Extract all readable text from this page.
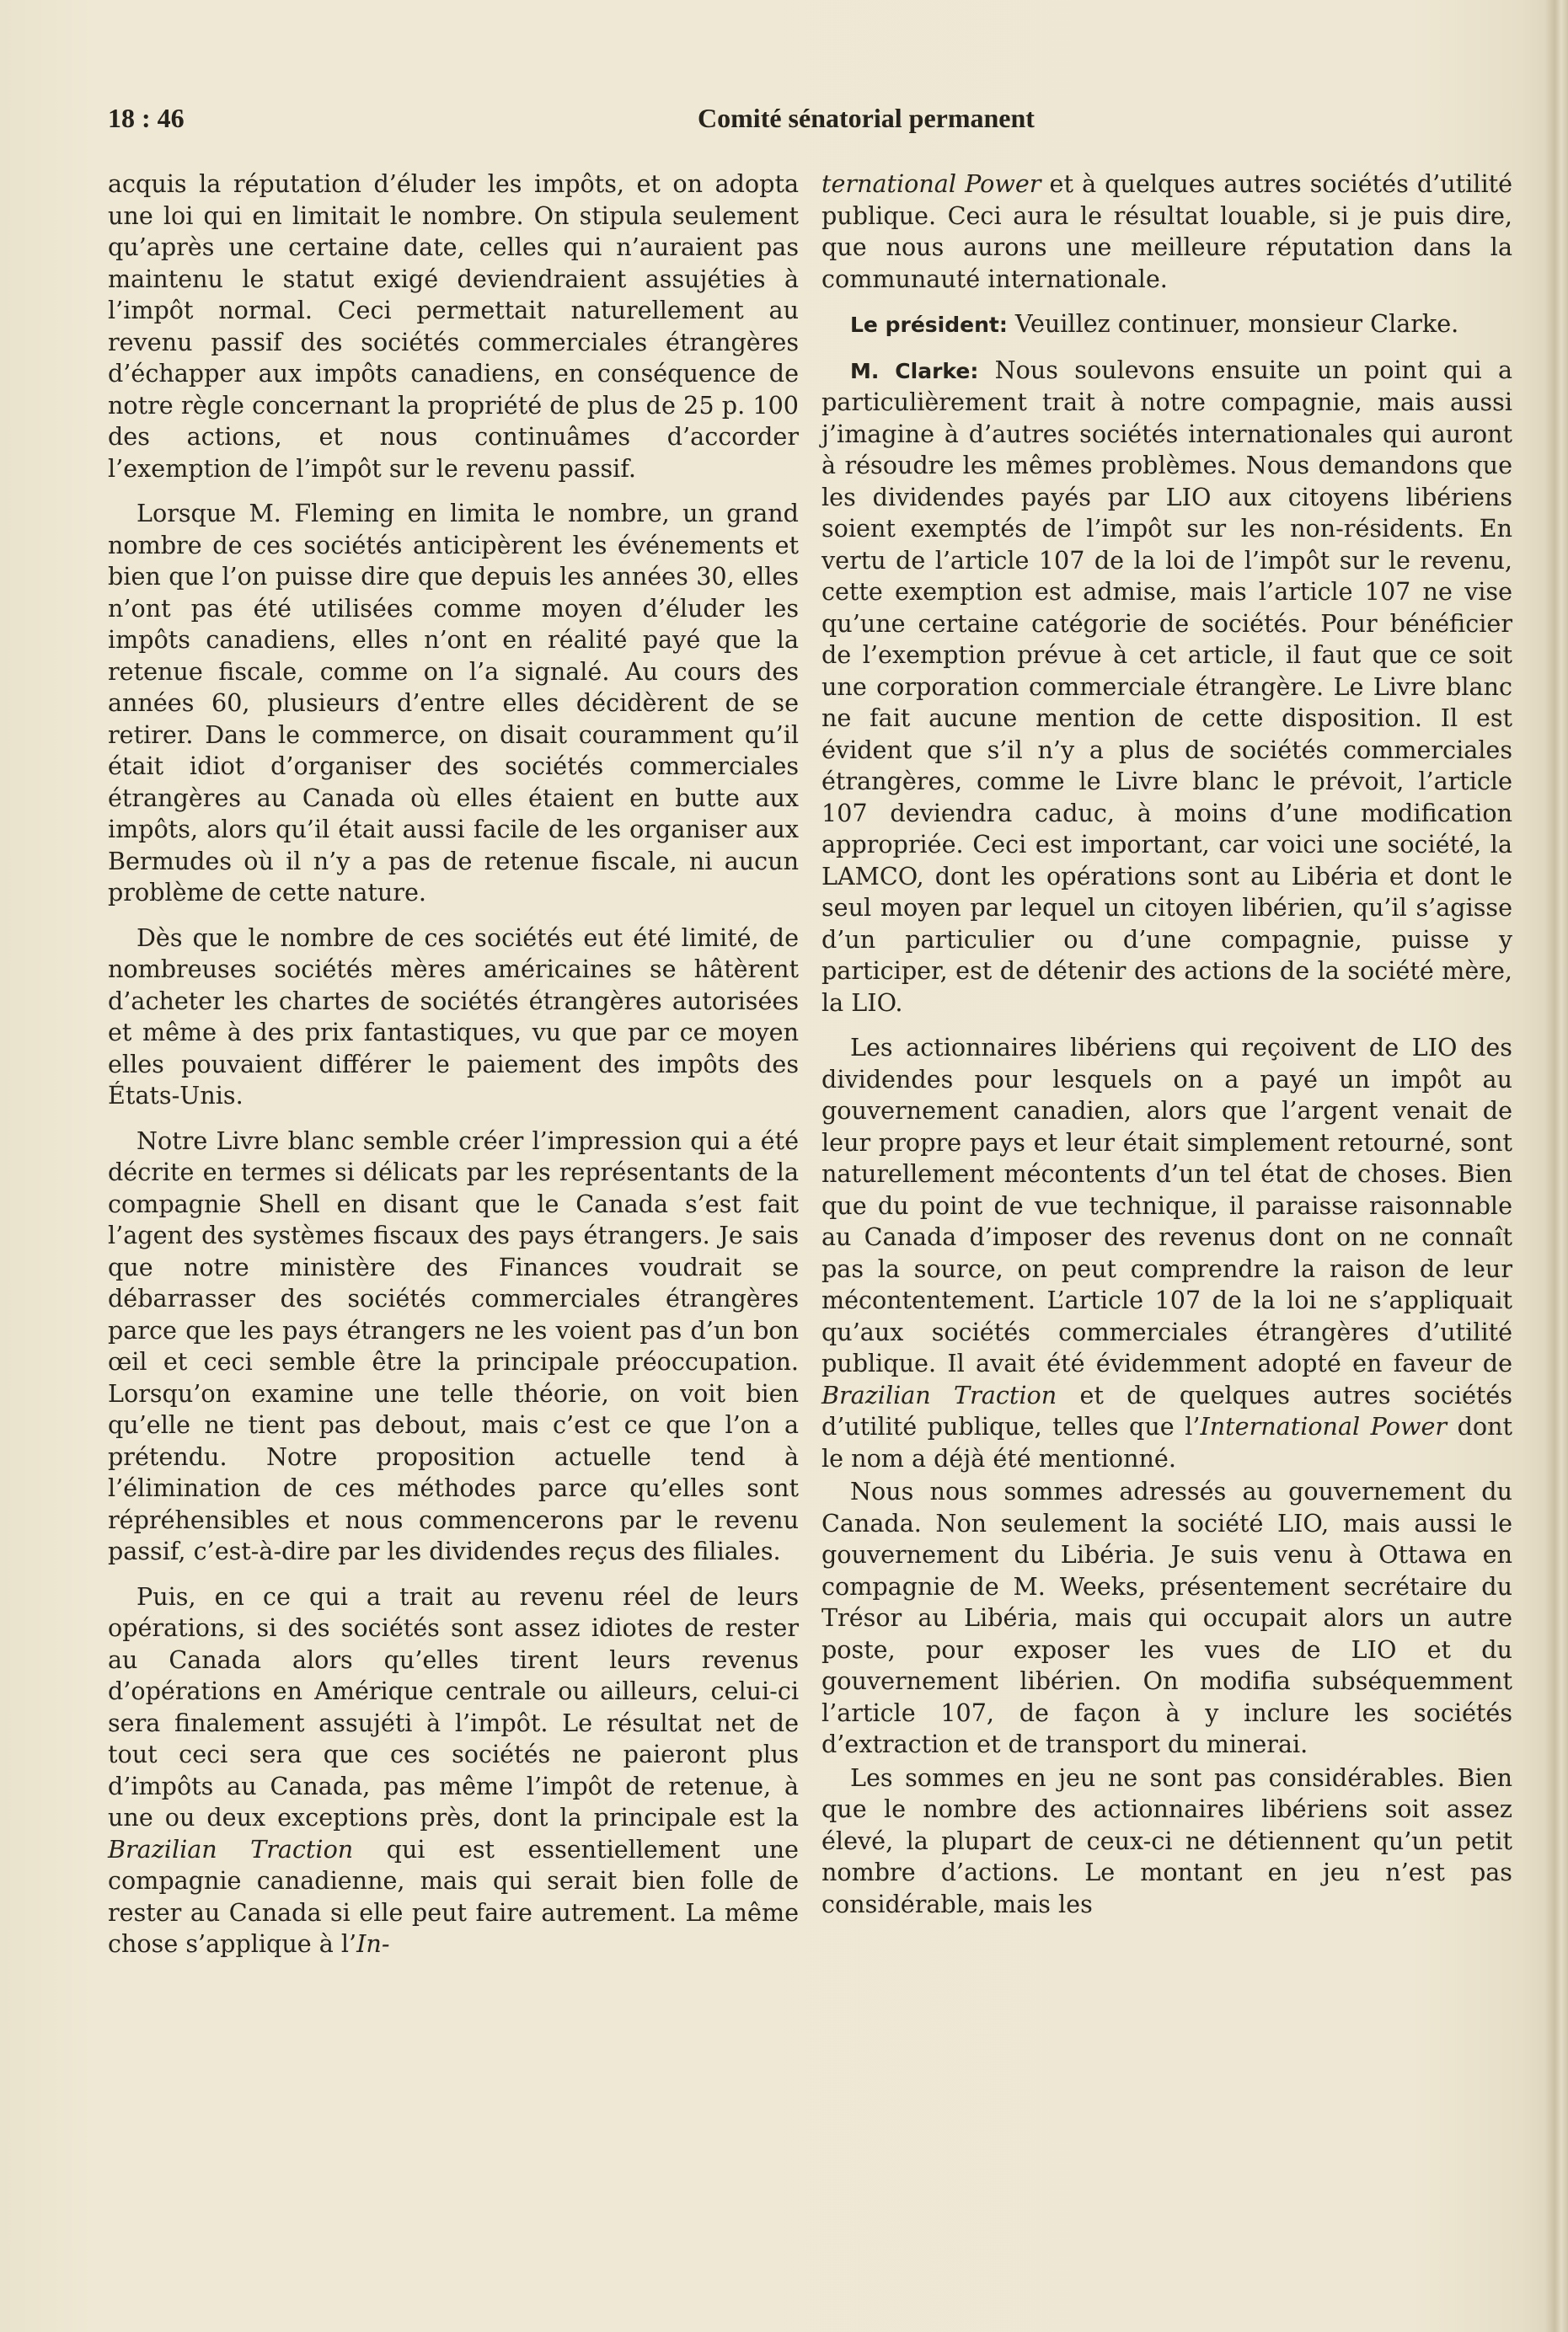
18 : 46	Comité sénatorial permanent

acquis la réputation d’éluder les impôts, et on adopta une loi qui en limitait le nombre. On stipula seulement qu’après une certaine date, celles qui n’auraient pas maintenu le statut exigé deviendraient assujéties à l’impôt normal. Ceci permettait naturellement au revenu passif des sociétés commerciales étrangères d’échapper aux impôts canadiens, en conséquence de notre règle concernant la propriété de plus de 25 p. 100 des actions, et nous continuâmes d’accorder l’exemption de l’impôt sur le revenu passif.

Lorsque M. Fleming en limita le nombre, un grand nombre de ces sociétés anticipèrent les événements et bien que l’on puisse dire que depuis les années 30, elles n’ont pas été utilisées comme moyen d’éluder les impôts canadiens, elles n’ont en réalité payé que la retenue fiscale, comme on l’a signalé. Au cours des années 60, plusieurs d’entre elles décidèrent de se retirer. Dans le commerce, on disait couramment qu’il était idiot d’organiser des sociétés commerciales étrangères au Canada où elles étaient en butte aux impôts, alors qu’il était aussi facile de les organiser aux Bermudes où il n’y a pas de retenue fiscale, ni aucun problème de cette nature.

Dès que le nombre de ces sociétés eut été limité, de nombreuses sociétés mères américaines se hâtèrent d’acheter les chartes de sociétés étrangères autorisées et même à des prix fantastiques, vu que par ce moyen elles pouvaient différer le paiement des impôts des États-Unis.

Notre Livre blanc semble créer l’impression qui a été décrite en termes si délicats par les représentants de la compagnie Shell en disant que le Canada s’est fait l’agent des systèmes fiscaux des pays étrangers. Je sais que notre ministère des Finances voudrait se débarrasser des sociétés commerciales étrangères parce que les pays étrangers ne les voient pas d’un bon œil et ceci semble être la principale préoccupation. Lorsqu’on examine une telle théorie, on voit bien qu’elle ne tient pas debout, mais c’est ce que l’on a prétendu. Notre proposition actuelle tend à l’élimination de ces méthodes parce qu’elles sont répréhensibles et nous commencerons par le revenu passif, c’est-à-dire par les dividendes reçus des filiales.

Puis, en ce qui a trait au revenu réel de leurs opérations, si des sociétés sont assez idiotes de rester au Canada alors qu’elles tirent leurs revenus d’opérations en Amérique centrale ou ailleurs, celui-ci sera finalement assujéti à l’impôt. Le résultat net de tout ceci sera que ces sociétés ne paieront plus d’impôts au Canada, pas même l’impôt de retenue, à une ou deux exceptions près, dont la principale est la Brazilian Traction qui est essentiellement une compagnie canadienne, mais qui serait bien folle de rester au Canada si elle peut faire autrement. La même chose s’applique à l’In-

ternational Power et à quelques autres sociétés d’utilité publique. Ceci aura le résultat louable, si je puis dire, que nous aurons une meilleure réputation dans la communauté internationale.

Le président: Veuillez continuer, monsieur Clarke.

M. Clarke: Nous soulevons ensuite un point qui a particulièrement trait à notre compagnie, mais aussi j’imagine à d’autres sociétés internationales qui auront à résoudre les mêmes problèmes. Nous demandons que les dividendes payés par LIO aux citoyens libériens soient exemptés de l’impôt sur les non-résidents. En vertu de l’article 107 de la loi de l’impôt sur le revenu, cette exemption est admise, mais l’article 107 ne vise qu’une certaine catégorie de sociétés. Pour bénéficier de l’exemption prévue à cet article, il faut que ce soit une corporation commerciale étrangère. Le Livre blanc ne fait aucune mention de cette disposition. Il est évident que s’il n’y a plus de sociétés commerciales étrangères, comme le Livre blanc le prévoit, l’article 107 deviendra caduc, à moins d’une modification appropriée. Ceci est important, car voici une société, la LAMCO, dont les opérations sont au Libéria et dont le seul moyen par lequel un citoyen libérien, qu’il s’agisse d’un particulier ou d’une compagnie, puisse y participer, est de détenir des actions de la société mère, la LIO.

Les actionnaires libériens qui reçoivent de LIO des dividendes pour lesquels on a payé un impôt au gouvernement canadien, alors que l’argent venait de leur propre pays et leur était simplement retourné, sont naturellement mécontents d’un tel état de choses. Bien que du point de vue technique, il paraisse raisonnable au Canada d’imposer des revenus dont on ne connaît pas la source, on peut comprendre la raison de leur mécontentement. L’article 107 de la loi ne s’appliquait qu’aux sociétés commerciales étrangères d’utilité publique. Il avait été évidemment adopté en faveur de Brazilian Traction et de quelques autres sociétés d’utilité publique, telles que l’International Power dont le nom a déjà été mentionné.

Nous nous sommes adressés au gouvernement du Canada. Non seulement la société LIO, mais aussi le gouvernement du Libéria. Je suis venu à Ottawa en compagnie de M. Weeks, présentement secrétaire du Trésor au Libéria, mais qui occupait alors un autre poste, pour exposer les vues de LIO et du gouvernement libérien. On modifia subséquemment l’article 107, de façon à y inclure les sociétés d’extraction et de transport du minerai.

Les sommes en jeu ne sont pas considérables. Bien que le nombre des actionnaires libériens soit assez élevé, la plupart de ceux-ci ne détiennent qu’un petit nombre d’actions. Le montant en jeu n’est pas considérable, mais les
